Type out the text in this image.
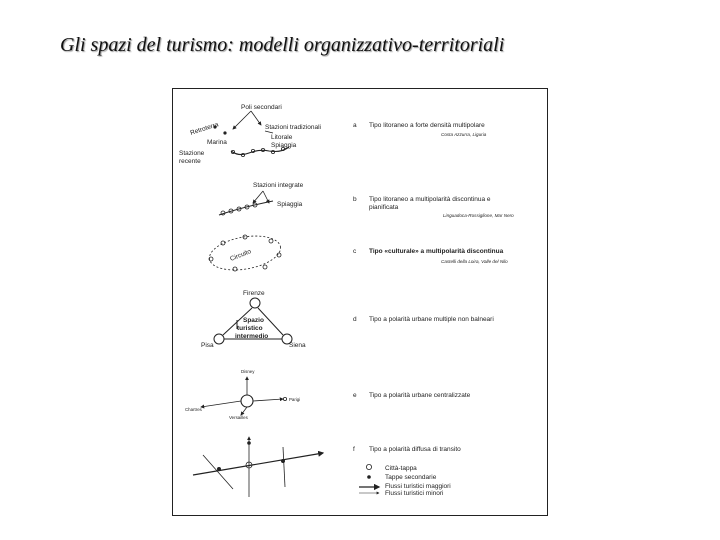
Gli spazi del turismo: modelli organizzativo-territoriali
Poli secondari
Retroterra	Stazioni tradizionali
Litorale
Spiaggia
Marina
Stazione
recente
a Tipo litoraneo a forte densità multipolare
Costa Azzurra, Liguria
Stazioni integrate
Spiaggia
b Tipo litoraneo a multipolarità discontinua e
pianificata
Linguadoca-Rossiglione, Mar Nero
Circuito	c Tipo «culturale» a multipolarità discontinua
Castelli della Loira, Valle del Nilo
Firenze
Spazio
turistico
intermedio
Pisa	Siena
d Tipo a polarità urbane multiple non balneari
Disney
Parigi
Chartres
Versailles
e Tipo a polarità urbane centralizzate
f Tipo a polarità diffusa di transito
Città-tappa
Tappe secondarie
Flussi turistici maggiori
Flussi turistici minori
